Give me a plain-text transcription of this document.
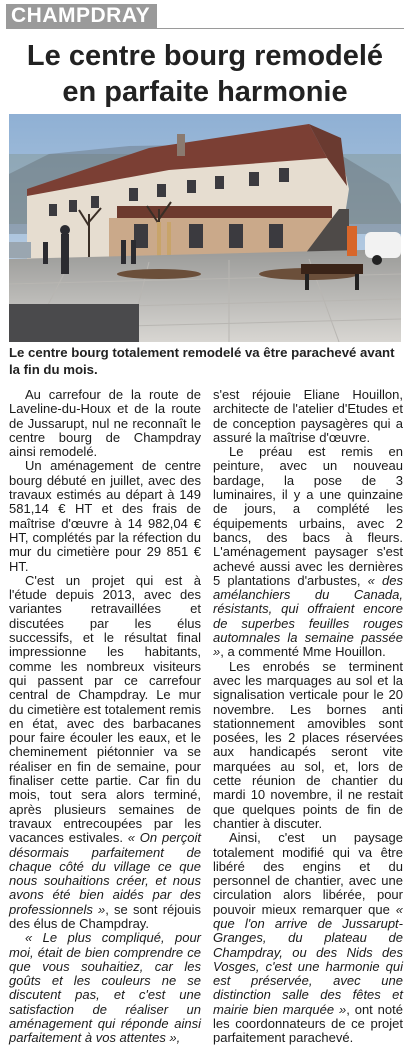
CHAMPDRAY
Le centre bourg remodelé
en parfaite harmonie
Le centre bourg totalement remodelé va être parachevé avant la fin du mois.

Au carrefour de la route de Laveline-du-Houx et de la route de Jussarupt, nul ne reconnaît le centre bourg de Champdray ainsi remodelé.

Un aménagement de centre bourg débuté en juillet, avec des travaux estimés au départ à 149 581,14 € HT et des frais de maîtrise d'œuvre à 14 982,04 € HT, complétés par la réfection du mur du cimetière pour 29 851 € HT.

C'est un projet qui est à l'étude depuis 2013, avec des variantes retravaillées et discutées par les élus successifs, et le résultat final impressionne les habitants, comme les nombreux visiteurs qui passent par ce carrefour central de Champdray. Le mur du cimetière est totalement remis en état, avec des barbacanes pour faire écouler les eaux, et le cheminement piétonnier va se réaliser en fin de semaine, pour finaliser cette partie. Car fin du mois, tout sera alors terminé, après plusieurs semaines de travaux entrecoupées par les vacances estivales. « On perçoit désormais parfaitement de chaque côté du village ce que nous souhaitions créer, et nous avons été bien aidés par des professionnels », se sont réjouis des élus de Champdray.

« Le plus compliqué, pour moi, était de bien comprendre ce que vous souhaitiez, car les goûts et les couleurs ne se discutent pas, et c'est une satisfaction de réaliser un aménagement qui réponde ainsi parfaitement à vos attentes »,

s'est réjouie Eliane Houillon, architecte de l'atelier d'Etudes et de conception paysagères qui a assuré la maîtrise d'œuvre.

Le préau est remis en peinture, avec un nouveau bardage, la pose de 3 luminaires, il y a une quinzaine de jours, a complété les équipements urbains, avec 2 bancs, des bacs à fleurs. L'aménagement paysager s'est achevé aussi avec les dernières 5 plantations d'arbustes, « des amélanchiers du Canada, résistants, qui offraient encore de superbes feuilles rouges automnales la semaine passée », a commenté Mme Houillon.

Les enrobés se terminent avec les marquages au sol et la signalisation verticale pour le 20 novembre. Les bornes anti stationnement amovibles sont posées, les 2 places réservées aux handicapés seront vite marquées au sol, et, lors de cette réunion de chantier du mardi 10 novembre, il ne restait que quelques points de fin de chantier à discuter.

Ainsi, c'est un paysage totalement modifié qui va être libéré des engins et du personnel de chantier, avec une circulation alors libérée, pour pouvoir mieux remarquer que « que l'on arrive de Jussarupt-Granges, du plateau de Champdray, ou des Nids des Vosges, c'est une harmonie qui est préservée, avec une distinction salle des fêtes et mairie bien marquée », ont noté les coordonnateurs de ce projet parfaitement parachevé.
